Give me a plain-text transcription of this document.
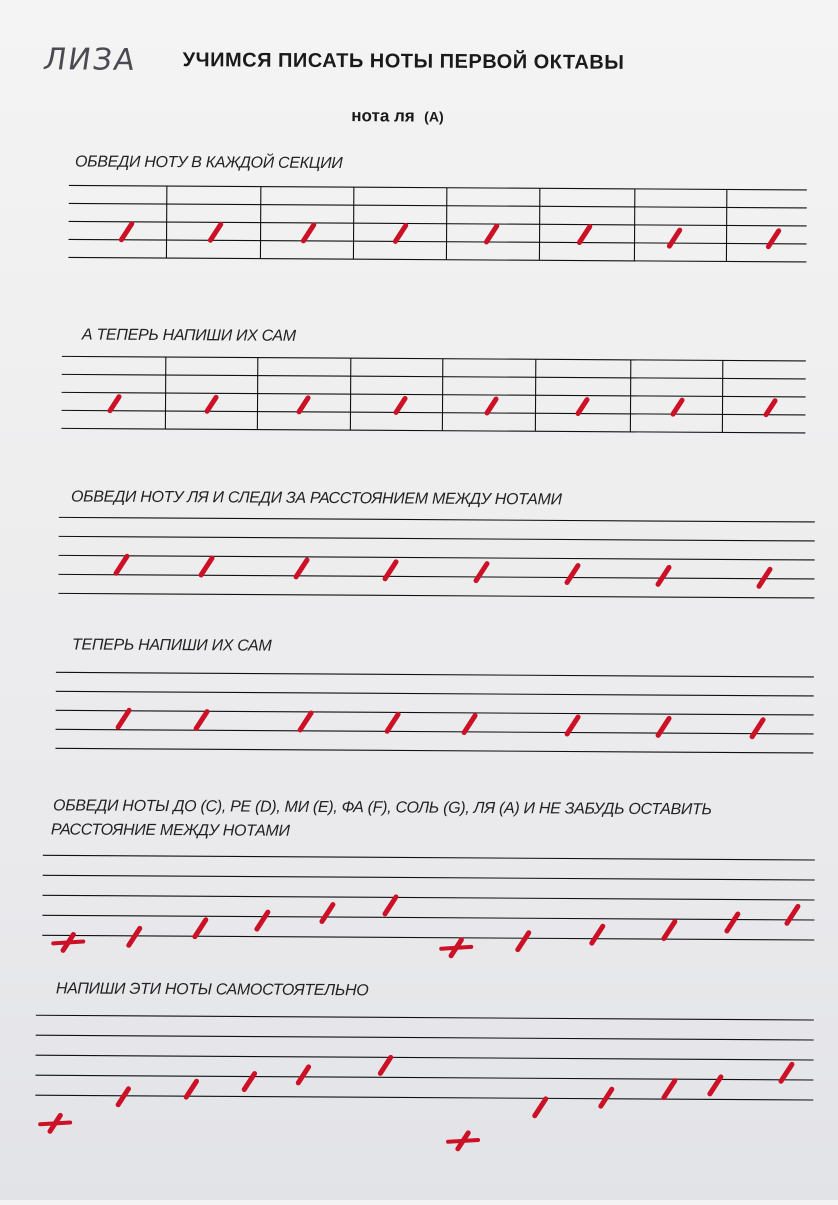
ЛИЗА УЧИМСЯ ПИСАТЬ НОТЫ ПЕРВОЙ ОКТАВЫ
нота ля (А)
ОБВЕДИ НОТУ В КАЖДОЙ СЕКЦИИ
А ТЕПЕРЬ НАПИШИ ИХ САМ
ОБВЕДИ НОТУ ЛЯ И СЛЕДИ ЗА РАССТОЯНИЕМ МЕЖДУ НОТАМИ
ТЕПЕРЬ НАПИШИ ИХ САМ
ОБВЕДИ НОТЫ ДО (С), РЕ (D), МИ (Е), ФА (F), СОЛЬ (G), ЛЯ (А) И НЕ ЗАБУДЬ ОСТАВИТЬ
РАССТОЯНИЕ МЕЖДУ НОТАМИ
НАПИШИ ЭТИ НОТЫ САМОСТОЯТЕЛЬНО
